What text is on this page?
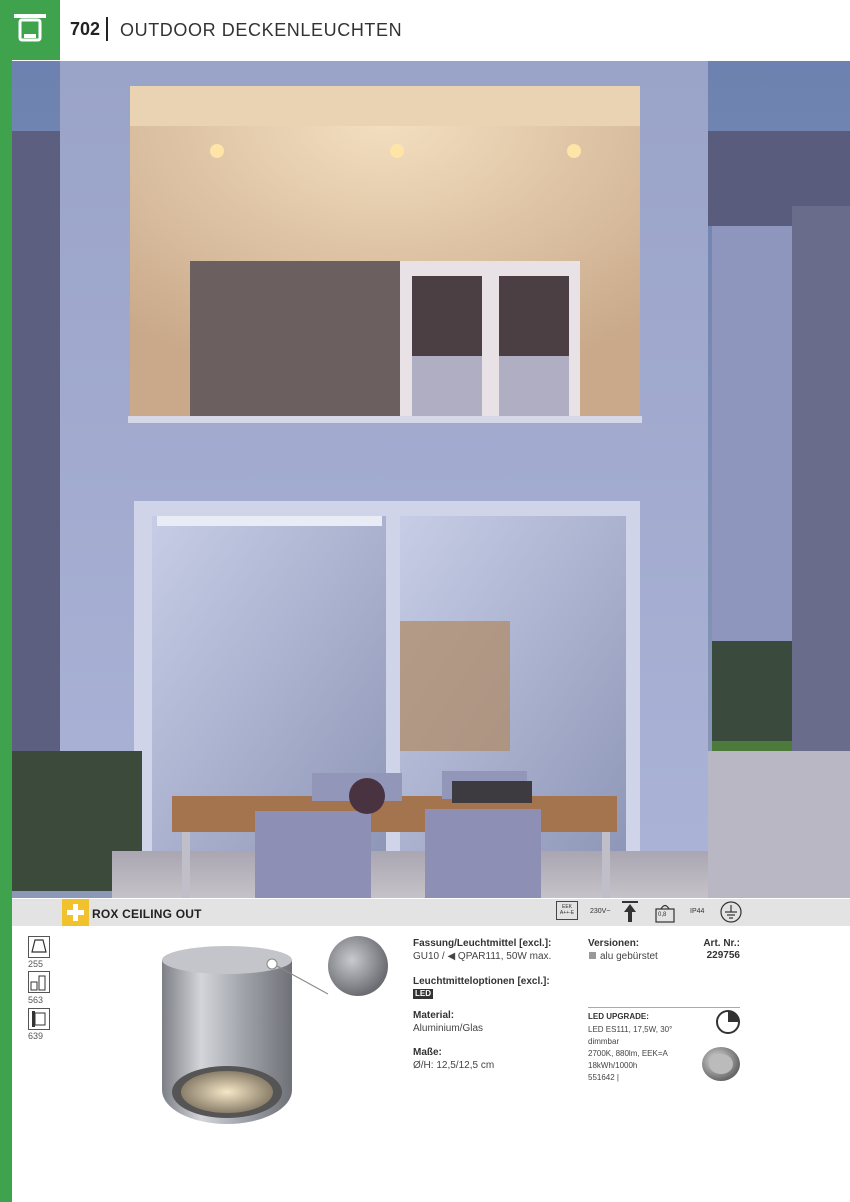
702 OUTDOOR DECKENLEUCHTEN
ROX CEILING OUT	EEK A++-E	230V~	0,8	IP44
255
563
639
Fassung/Leuchtmittel [excl.]:
GU10 / ◀ QPAR111, 50W max.
Leuchtmitteloptionen [excl.]:
LED
Material:
Aluminium/Glas
Maße:
Ø/H: 12,5/12,5 cm
Versionen:
alu gebürstet
Art. Nr.:
229756
LED UPGRADE:
LED ES111, 17,5W, 30°
dimmbar
2700K, 880lm, EEK=A
18kWh/1000h
551642 |
